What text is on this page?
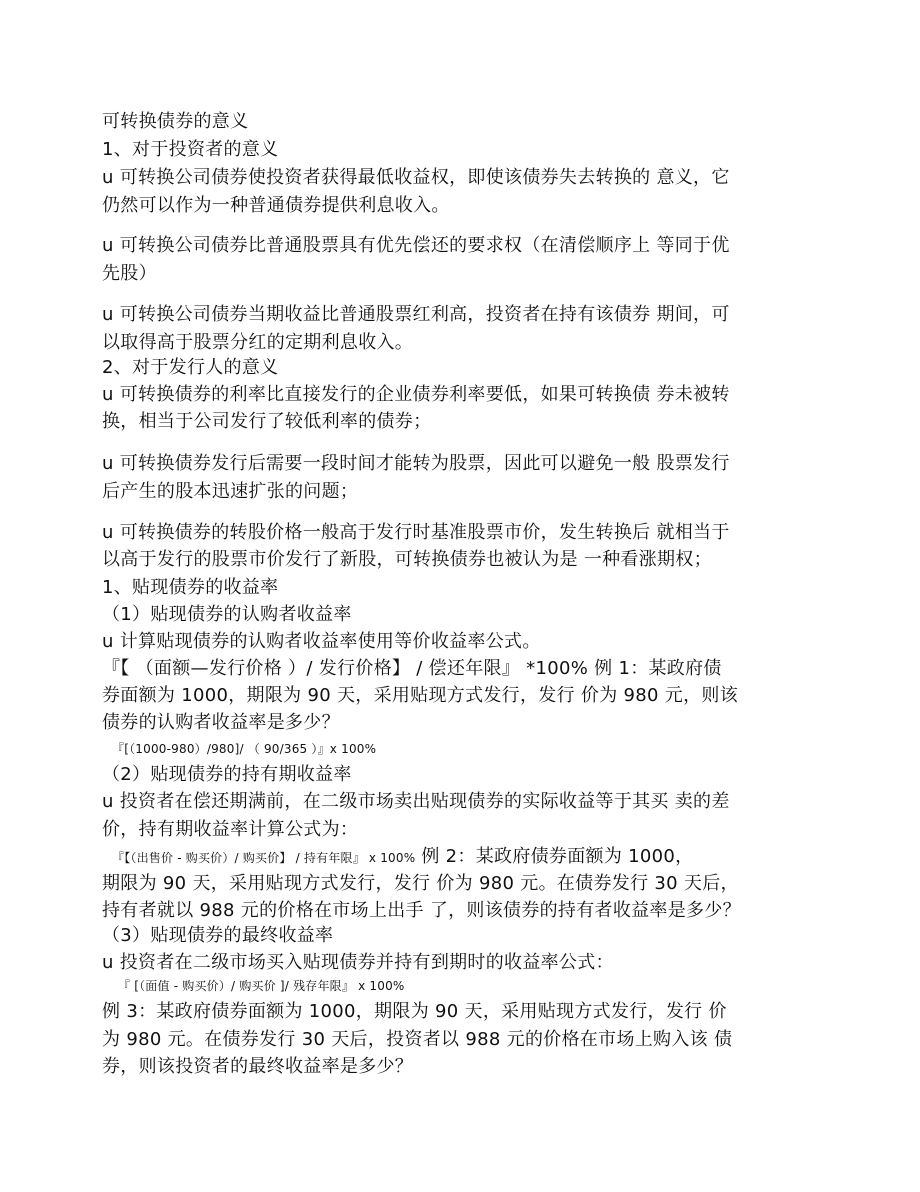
可转换债券的意义
1、对于投资者的意义
u 可转换公司债券使投资者获得最低收益权，即使该债券失去转换的 意义，它
仍然可以作为一种普通债券提供利息收入。
u 可转换公司债券比普通股票具有优先偿还的要求权（在清偿顺序上 等同于优
先股）
u 可转换公司债券当期收益比普通股票红利高，投资者在持有该债券 期间，可
以取得高于股票分红的定期利息收入。
2、对于发行人的意义
u 可转换债券的利率比直接发行的企业债券利率要低，如果可转换债 券未被转
换，相当于公司发行了较低利率的债券；
u 可转换债券发行后需要一段时间才能转为股票，因此可以避免一般 股票发行
后产生的股本迅速扩张的问题；
u 可转换债券的转股价格一般高于发行时基准股票市价，发生转换后 就相当于
以高于发行的股票市价发行了新股，可转换债券也被认为是 一种看涨期权；
1、贴现债券的收益率
（1）贴现债券的认购者收益率
u 计算贴现债券的认购者收益率使用等价收益率公式。
『【 （面额—发行价格 ）/ 发行价格】 / 偿还年限』 *100% 例 1：某政府债
券面额为 1000，期限为 90 天，采用贴现方式发行，发行 价为 980 元，则该
债券的认购者收益率是多少？
『[（1000-980）/980]/ （ 90/365 ）』x 100%
（2）贴现债券的持有期收益率
u 投资者在偿还期满前，在二级市场卖出贴现债券的实际收益等于其买 卖的差
价，持有期收益率计算公式为：
『【（出售价 - 购买价）/ 购买价】 / 持有年限』 x 100% 例 2：某政府债券面额为 1000，
期限为 90 天，采用贴现方式发行，发行 价为 980 元。在债券发行 30 天后，
持有者就以 988 元的价格在市场上出手 了，则该债券的持有者收益率是多少？
（3）贴现债券的最终收益率
u 投资者在二级市场买入贴现债券并持有到期时的收益率公式：
『 [（面值 - 购买价）/ 购买价 ]/ 残存年限』 x 100%
例 3：某政府债券面额为 1000，期限为 90 天，采用贴现方式发行，发行 价
为 980 元。在债券发行 30 天后，投资者以 988 元的价格在市场上购入该 债
券，则该投资者的最终收益率是多少？
